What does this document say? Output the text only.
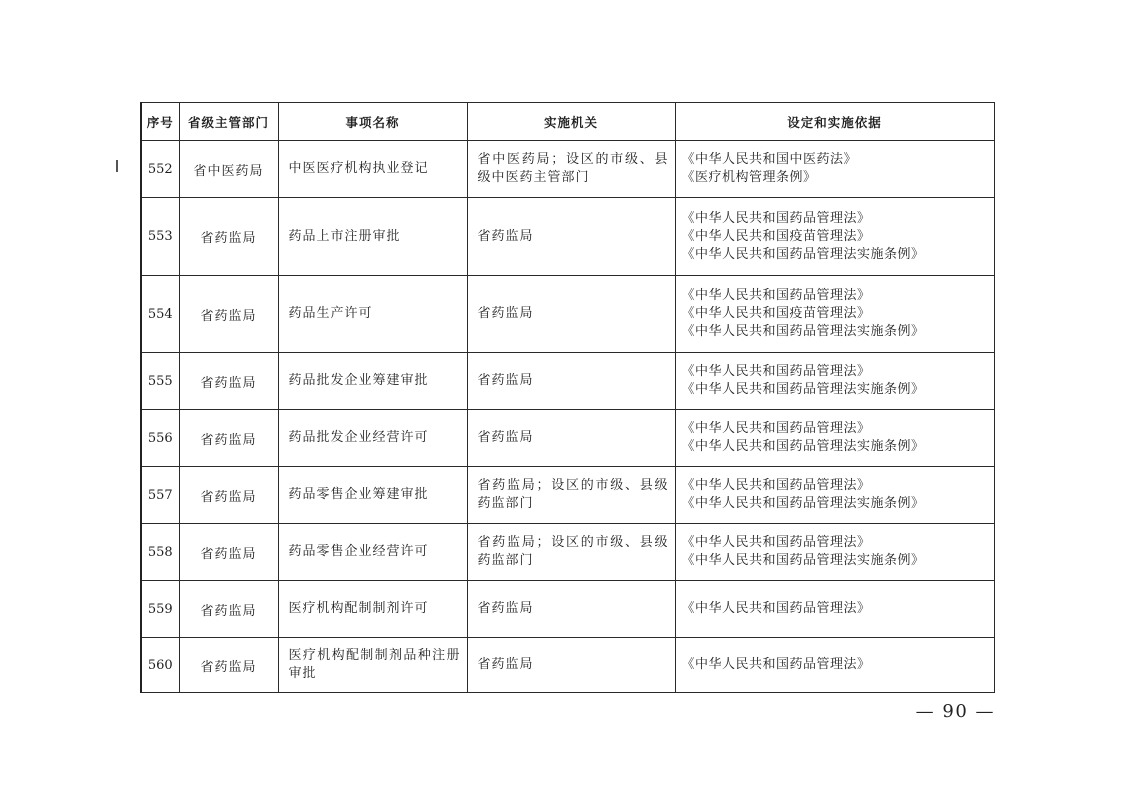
序号	省级主管部门	事项名称	实施机关	设定和实施依据
552	省中医药局	中医医疗机构执业登记	省中医药局；设区的市级、县级中医药主管部门	《中华人民共和国中医药法》
《医疗机构管理条例》

553	省药监局	药品上市注册审批	省药监局	《中华人民共和国药品管理法》
《中华人民共和国疫苗管理法》
《中华人民共和国药品管理法实施条例》

554	省药监局	药品生产许可	省药监局	《中华人民共和国药品管理法》
《中华人民共和国疫苗管理法》
《中华人民共和国药品管理法实施条例》

555	省药监局	药品批发企业筹建审批	省药监局	《中华人民共和国药品管理法》
《中华人民共和国药品管理法实施条例》

556	省药监局	药品批发企业经营许可	省药监局	《中华人民共和国药品管理法》
《中华人民共和国药品管理法实施条例》

557	省药监局	药品零售企业筹建审批	省药监局；设区的市级、县级药监部门	《中华人民共和国药品管理法》
《中华人民共和国药品管理法实施条例》

558	省药监局	药品零售企业经营许可	省药监局；设区的市级、县级药监部门	《中华人民共和国药品管理法》
《中华人民共和国药品管理法实施条例》

559	省药监局	医疗机构配制制剂许可	省药监局	《中华人民共和国药品管理法》

560	省药监局	医疗机构配制制剂品种注册审批	省药监局	《中华人民共和国药品管理法》
— 90 —
